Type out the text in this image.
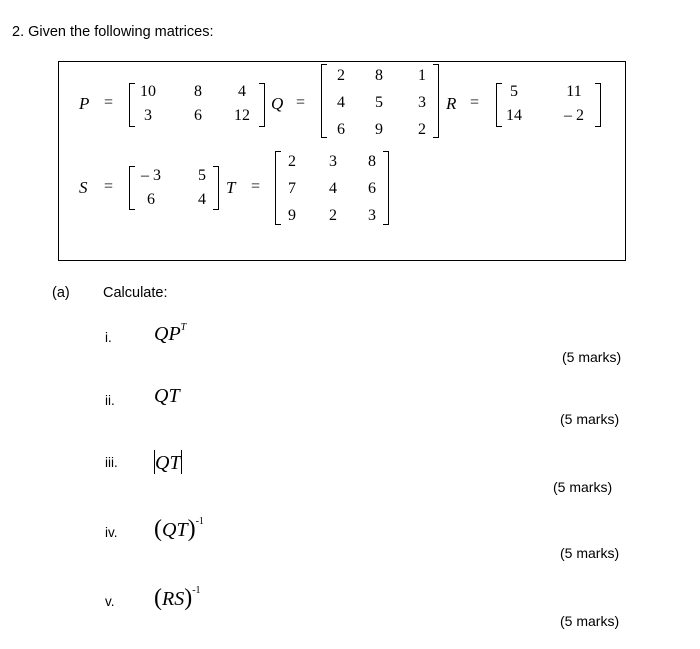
2. Given the following matrices:
P =
10	8	4
3	6	12
Q =
2	8	1
4	5	3
6	9	2
R =
5	11
14	– 2
S =
– 3	5
6	4
T =
2	3	8
7	4	6
9	2	3
(a) Calculate:
i. $QP^T$
(5 marks)
ii. QT
(5 marks)
iii. QT
(5 marks)
iv. (QT)$^{-1}$
(5 marks)
v. (RS)$^{-1}$
(5 marks)
